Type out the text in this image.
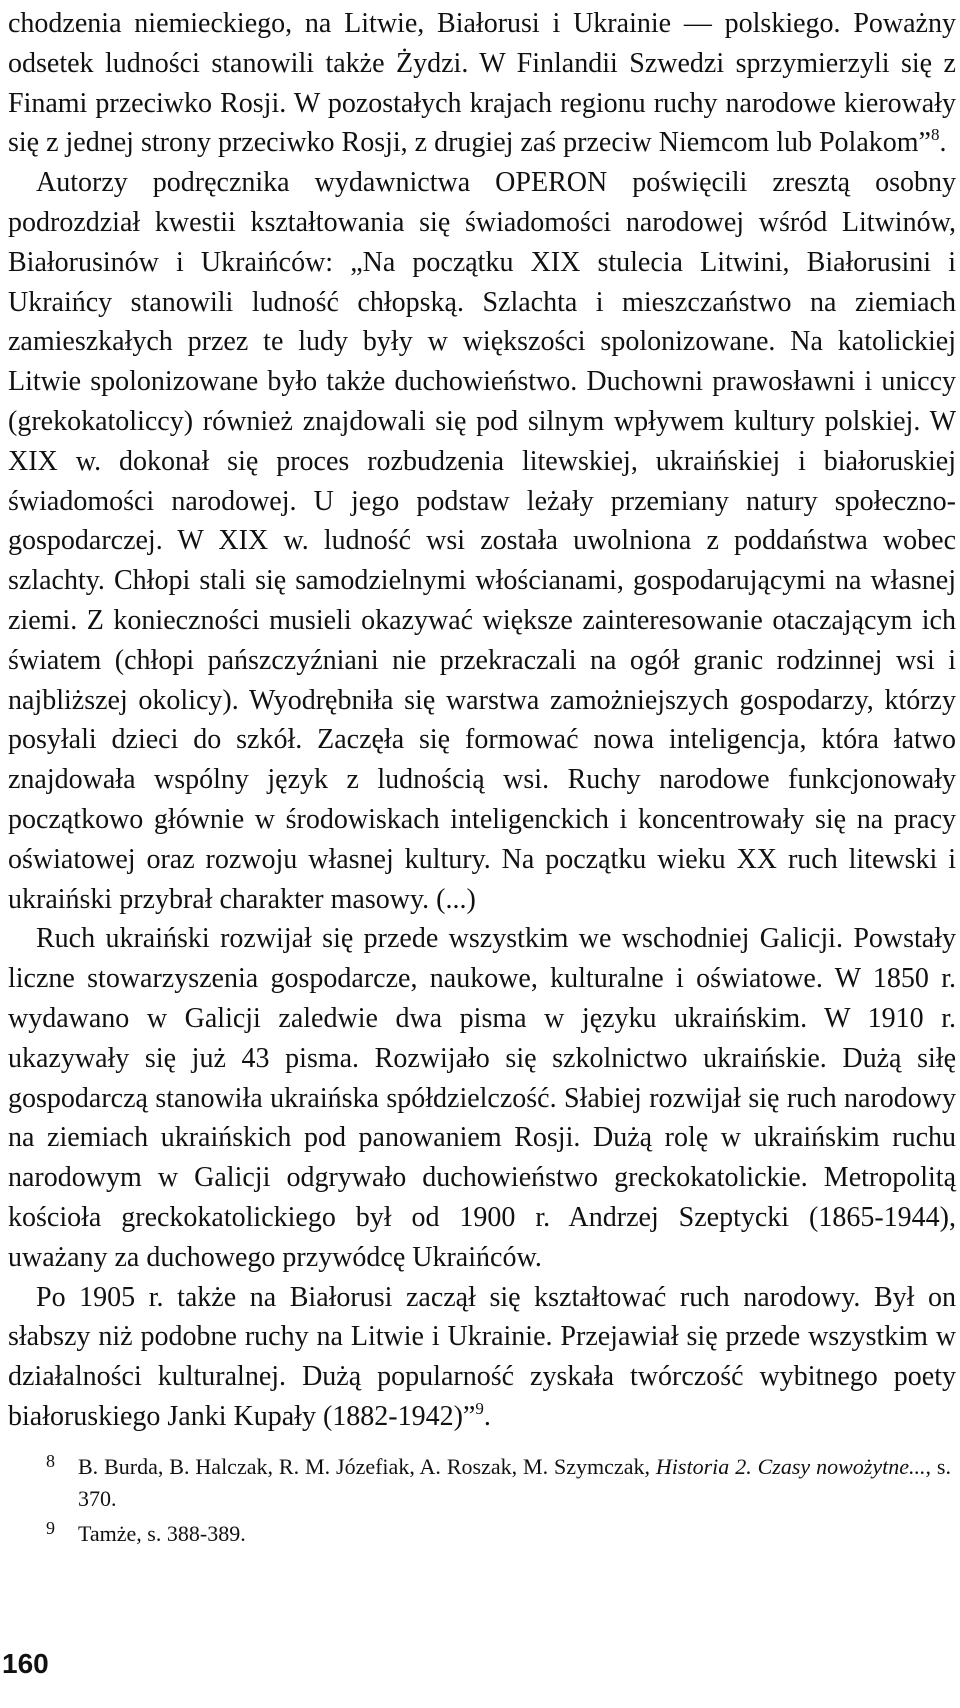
chodzenia niemieckiego, na Litwie, Białorusi i Ukrainie — polskiego. Poważny odsetek ludności stanowili także Żydzi. W Finlandii Szwedzi sprzymierzyli się z Finami przeciwko Rosji. W pozostałych krajach regionu ruchy narodowe kierowały się z jednej strony przeciwko Rosji, z drugiej zaś przeciw Niemcom lub Polakom”$^8$.

Autorzy podręcznika wydawnictwa OPERON poświęcili zresztą osobny podrozdział kwestii kształtowania się świadomości narodowej wśród Litwinów, Białorusinów i Ukraińców: „Na początku XIX stulecia Litwini, Białorusini i Ukraińcy stanowili ludność chłopską. Szlachta i mieszczaństwo na ziemiach zamieszkałych przez te ludy były w większości spolonizowane. Na katolickiej Litwie spolonizowane było także duchowieństwo. Duchowni prawosławni i uniccy (grekokatoliccy) również znajdowali się pod silnym wpływem kultury polskiej. W XIX w. dokonał się proces rozbudzenia litewskiej, ukraińskiej i białoruskiej świadomości narodowej. U jego podstaw leżały przemiany natury społeczno-gospodarczej. W XIX w. ludność wsi została uwolniona z poddaństwa wobec szlachty. Chłopi stali się samodzielnymi włościanami, gospodarującymi na własnej ziemi. Z konieczności musieli okazywać większe zainteresowanie otaczającym ich światem (chłopi pańszczyźniani nie przekraczali na ogół granic rodzinnej wsi i najbliższej okolicy). Wyodrębniła się warstwa zamożniejszych gospodarzy, którzy posyłali dzieci do szkół. Zaczęła się formować nowa inteligencja, która łatwo znajdowała wspólny język z ludnością wsi. Ruchy narodowe funkcjonowały początkowo głównie w środowiskach inteligenckich i koncentrowały się na pracy oświatowej oraz rozwoju własnej kultury. Na początku wieku XX ruch litewski i ukraiński przybrał charakter masowy. (...)

Ruch ukraiński rozwijał się przede wszystkim we wschodniej Galicji. Powstały liczne stowarzyszenia gospodarcze, naukowe, kulturalne i oświatowe. W 1850 r. wydawano w Galicji zaledwie dwa pisma w języku ukraińskim. W 1910 r. ukazywały się już 43 pisma. Rozwijało się szkolnictwo ukraińskie. Dużą siłę gospodarczą stanowiła ukraińska spółdzielczość. Słabiej rozwijał się ruch narodowy na ziemiach ukraińskich pod panowaniem Rosji. Dużą rolę w ukraińskim ruchu narodowym w Galicji odgrywało duchowieństwo greckokatolickie. Metropolitą kościoła greckokatolickiego był od 1900 r. Andrzej Szeptycki (1865-1944), uważany za duchowego przywódcę Ukraińców.

Po 1905 r. także na Białorusi zaczął się kształtować ruch narodowy. Był on słabszy niż podobne ruchy na Litwie i Ukrainie. Przejawiał się przede wszystkim w działalności kulturalnej. Dużą popularność zyskała twórczość wybitnego poety białoruskiego Janki Kupały (1882-1942)”$^9$.

8 B. Burda, B. Halczak, R. M. Józefiak, A. Roszak, M. Szymczak, Historia 2. Czasy nowożytne..., s. 370.

9 Tamże, s. 388-389.

160
